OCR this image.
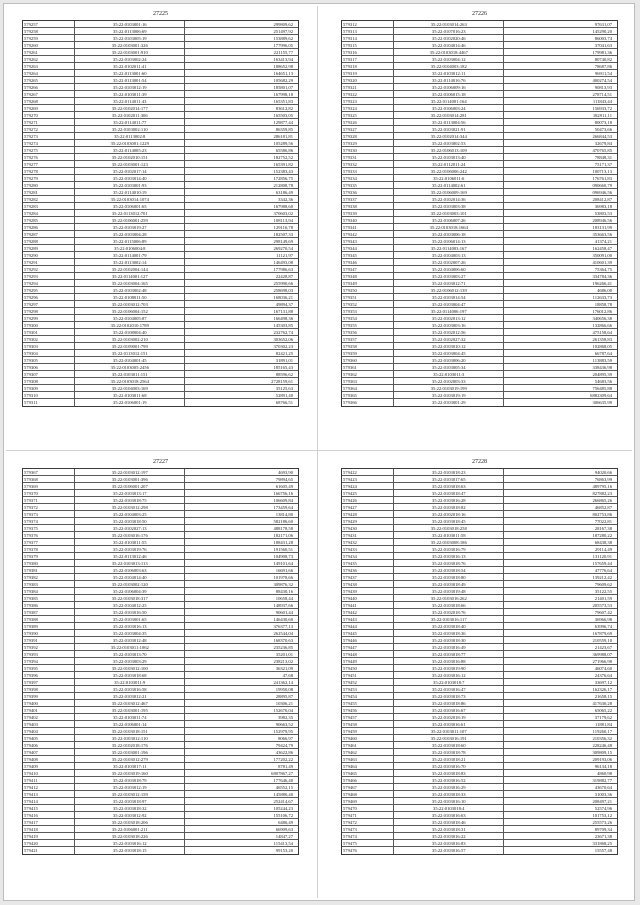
27225
579257	35:22:0103001:16	299809,62
579258	35:22:0113006:69	251497,92
579259	35:22:0103005:19	153889,62
579260	35:22:0103001:326	177996,05
579261	35:22:0103001:910	221155,77
579262	35:22:0103002:24	163413,94
579263	35:22:0102011:41	188652,98
579264	35:22:0113001:60	164651,13
579265	35:22:0113001:54	105682,29
579266	35:22:0103012:19	185801,07
579267	35:22:0103011:39	167998,18
579268	35:22:0114011:43	165351,83
579269	35:22:0102014:177	83612,82
579270	35:22:0102011:306	165503,05
579271	35:22:0114011:77	129877,44
579272	35:22:0103002:110	86359,85
579273	35:22:0113002:8	286181,81
579274	35:22:0103001:1229	105289,56
579275	35:22:0114005:23	65586,86
579276	35:22:0102010:151	182752,52
579277	35:22:0103001:123	165391,82
579278	35:22:0102017:14	152383,43
579279	35:22:0103014:40	172856,75
579280	35:22:0103001:93	212808,78
579281	35:22:0114010:19	63186,49
579282	35:22:0103014:1074	3342,36
579283	35:22:0106001:65	167988,60
579284	35:22:0113012:701	370603,02
579285	35:22:0106001:259	108113,94
579286	35:22:0103019:27	129116,78
579287	35:22:0103004:28	182507,33
579288	35:22:0115006:89	298149,69
579289	35:22:0106004:8	269270,54
579290	35:22:0114001:79	11121,97
579291	35:22:0113002:14	146493,08
579292	35:22:0102004:144	177986,63
579293	35:22:0114001:127	22428,87
579294	35:22:0103004:165	255990,66
579295	35:22:0103002:48	258698,03
579296	35:22:0108011:50	168036,21
579297	35:22:0103012:703	49894,37
579298	35:22:0106004:152	167131,88
579299	35:22:0104005:87	166498,36
579300	35:22:0102010:1789	145303,85
579301	35:22:0108004:40	232762,74
579302	35:22:0103002:210	303652,06
579303	35:22:0109001:799	370302,23
579304	35:22:0113012:151	82421,25
579305	35:22:0104001:45	31891,01
579306	35:22:0103005:2456	185165,43
579307	35:22:0103011:151	88596,62
579308	35:22:0103018:2564	2728159,61
579309	35:22:0104003:169	35125,63
579310	35:22:0103011:68	52891,40
579311	35:22:0106001:19	68766,51
27226
579312	35:22:0103014:263	97631,07
579313	35:22:0107016:23	145290,20
579314	35:22:0102020:46	86003,74
579315	35:22:0104014:46	37041,63
579316	35:22:0103018:4467	179981,36
579317	35:22:0103004:12	80740,82
579318	35:22:0104003:182	78687,86
579319	35:22:0103012:11	96911,54
579320	35:22:0114016:76	400274,54
579321	35:22:0106009:16	90813,93
579322	35:22:0106015:18	278714,51
579323	35:22:0114001:164	111843,44
579324	35:22:0106003:24	156933,72
579325	35:22:0103014:281	182911,11
579326	35:22:0113004:56	80073,18
579327	35:22:0103021:91	50473,66
579328	35:22:0102014:344	266844,53
579329	35:22:0103002:53	32679,84
579330	35:22:0106013:109	470765,85
579331	35:22:0103013:40	78848,31
579332	35:22:0112011:24	75171,37
579333	35:22:0106006:242	100713,13
579334	35:22:0106011:6	176761,83
579335	35:22:0114002:61	090660,79
579336	35:22:0106009:169	096946,56
579337	35:22:0102014:36	208412,87
579338	35:22:0103003:38	36983,18
579339	35:22:0103003:101	53803,53
579340	35:22:0106007:26	208946,56
579341	35:22:0103018:1664	183131,99
579342	35:22:0103006:18	353663,56
579343	35:22:0106014:13	41374,21
579344	35:22:0114003:167	162458,47
579345	35:22:0104003:13	350091,00
579346	35:22:0102007:26	410601,39
579347	35:22:0104006:60	75364,75
579348	35:22:0103003:27	334784,36
579349	35:22:0103012:71	196266,41
579350	35:22:0106012:139	4686,00
579351	35:22:0103014:54	112633,73
579352	35:22:0103004:47	18858,78
579353	35:22:0114006:197	176012,86
579354	35:22:0102013:12	340656,38
579355	35:22:0103003:16	132866,66
579356	35:22:0102012:56	475158,64
579357	35:22:0102027:32	261358,83
579358	35:22:0103010:12	102868,05
579359	35:22:0103004:45	66787,64
579360	35:22:0103006:20	113883,59
579361	35:22:0103005:34	338436,98
579362	35:22:0103011:3	204895,39
579363	35:22:0102003:33	54683,56
579364	35:22:0103019:199	756485,88
579365	35:22:0103019:19	6882309,64
579366	35:22:0103001:29	306635,99
27227
579367	35:22:0103012:197	4693,90
579368	35:22:0103001:396	79894,65
579369	35:22:0106001:207	61605,49
579370	35:22:0103013:17	166756,16
579371	35:22:0103018:75	106609,84
579372	35:22:0103012:298	173459,64
579373	35:22:0104003:25	13814,80
579374	35:22:0103018:50	582186,60
579375	35:22:0102027:13	488178,58
579376	35:22:0103016:176	182171,06
579377	35:22:0103011:55	188431,28
579378	35:22:0103019:76	191560,51
579379	35:22:0113012:46	104908,73
579380	35:22:0103013:113	149101,64
579381	35:22:0106003:63	16691,66
579382	35:22:0104014:40	101978,66
579383	35:22:0103002:120	309876,32
579384	35:22:0106004:39	88430,16
579385	35:22:0103018:317	10658,44
579386	35:22:0104012:25	148937,66
579387	35:22:0103016:50	90601,44
579388	35:22:0103001:65	146430,60
579389	35:22:0103016:13	376377,13
579390	35:22:0103004:35	262544,04
579391	35:22:0103012:48	168370,63
579392	35:22:0103011:1062	235236,85
579393	35:22:0103013:70	35201,01
579394	35:22:0103003:29	238213,02
579395	35:22:0103012:100	36321,09
579396	35:22:0103018:68	47,68
579397	35:22:0103011:9	241362,14
579398	35:22:0103016:58	19950,08
579399	35:22:0103012:21	28895,87
579400	35:22:0103012:467	10306,21
579401	35:22:0103001:195	152676,04
579402	35:22:0103011:74	3982,35
579403	35:22:0106001:14	90663,52
579404	35:22:0103018:151	152979,95
579405	35:22:0103012:110	8066,97
579406	35:22:0102018:176	79424,79
579407	35:22:0103001:196	43622,86
579408	35:22:0103012:279	177202,22
579409	35:22:0103017:11	8781,49
579410	35:22:0103019:160	6807867,27
579411	35:22:0103018:79	177646,40
579412	35:22:0103012:19	46552,15
579413	35:22:0103012:159	145880,40
579414	35:22:0103018:97	252414,67
579415	35:22:0103018:32	105244,23
579416	35:22:0103012:92	155106,72
579417	35:22:0103018:206	6486,49
579418	35:22:0106001:211	66909,63
579419	35:22:0103018:226	14847,27
579420	35:22:0103016:12	115413,54
579421	35:22:0103018:15	99153,20
27228
579422	35:22:0103018:23	94020,66
579423	35:22:0103017:65	76863,99
579424	35:22:0103018:63	489795,16
579425	35:22:0103018:47	827882,23
579426	35:22:0103016:28	266865,26
579427	35:22:0103018:82	46852,87
579428	35:22:0102018:16	802753,86
579429	35:22:0103018:45	77022,81
579430	35:22:0103018:258	28167,38
579431	35:22:0103011:58	187280,22
579432	35:22:0103008:186	68438,38
579433	35:22:0103016:79	29114,49
579434	35:22:0103016:13	131120,91
579435	35:22:0103018:76	157659,44
579436	35:22:0103018:54	47776,64
579437	35:22:0103018:80	139212,42
579438	35:22:0103018:49	79609,62
579439	35:22:0103019:48	35122,55
579440	35:22:0103016:262	21401,59
579441	35:22:0103018:66	205573,53
579442	35:22:0102018:76	79607,42
579443	35:22:0103016:117	36966,98
579444	35:22:0103018:40	63996,74
579445	35:22:0103018:36	167879,69
579446	35:22:0103018:30	210559,10
579447	35:22:0103016:49	21423,67
579448	35:22:0103018:77	369988,07
579449	35:22:0103016:88	271966,98
579450	35:22:0103019:90	46074,60
579451	35:22:0103016:12	24376,64
579452	35:22:0103018:7	33697,12
579453	35:22:0103016:47	162326,17
579454	35:22:0103018:73	21658,15
579455	35:22:0103018:86	417630,28
579456	35:22:0103016:67	65065,22
579457	35:22:0102018:19	37179,62
579458	35:22:0103016:61	11881,84
579459	35:22:0103011:107	119260,17
579460	35:22:0103016:191	210356,32
579461	35:22:0103018:60	228246,48
579462	35:22:0103018:78	309809,15
579463	35:22:0103018:21	209193,06
579464	35:22:0103016:70	96134,18
579465	35:22:0103018:83	4860,98
579466	35:22:0103016:52	319882,77
579467	35:22:0103016:29	43670,64
579468	35:22:0103018:33	31003,36
579469	35:22:0103016:10	208497,21
579470	35:22:0103018:4	52574,96
579471	35:22:0103016:63	101753,12
579472	35:22:0103018:46	255573,26
579473	35:22:0103018:31	89709,34
579474	35:22:0103016:22	23671,38
579475	35:22:0103016:83	331868,25
579476	35:22:0103016:57	15557,48
